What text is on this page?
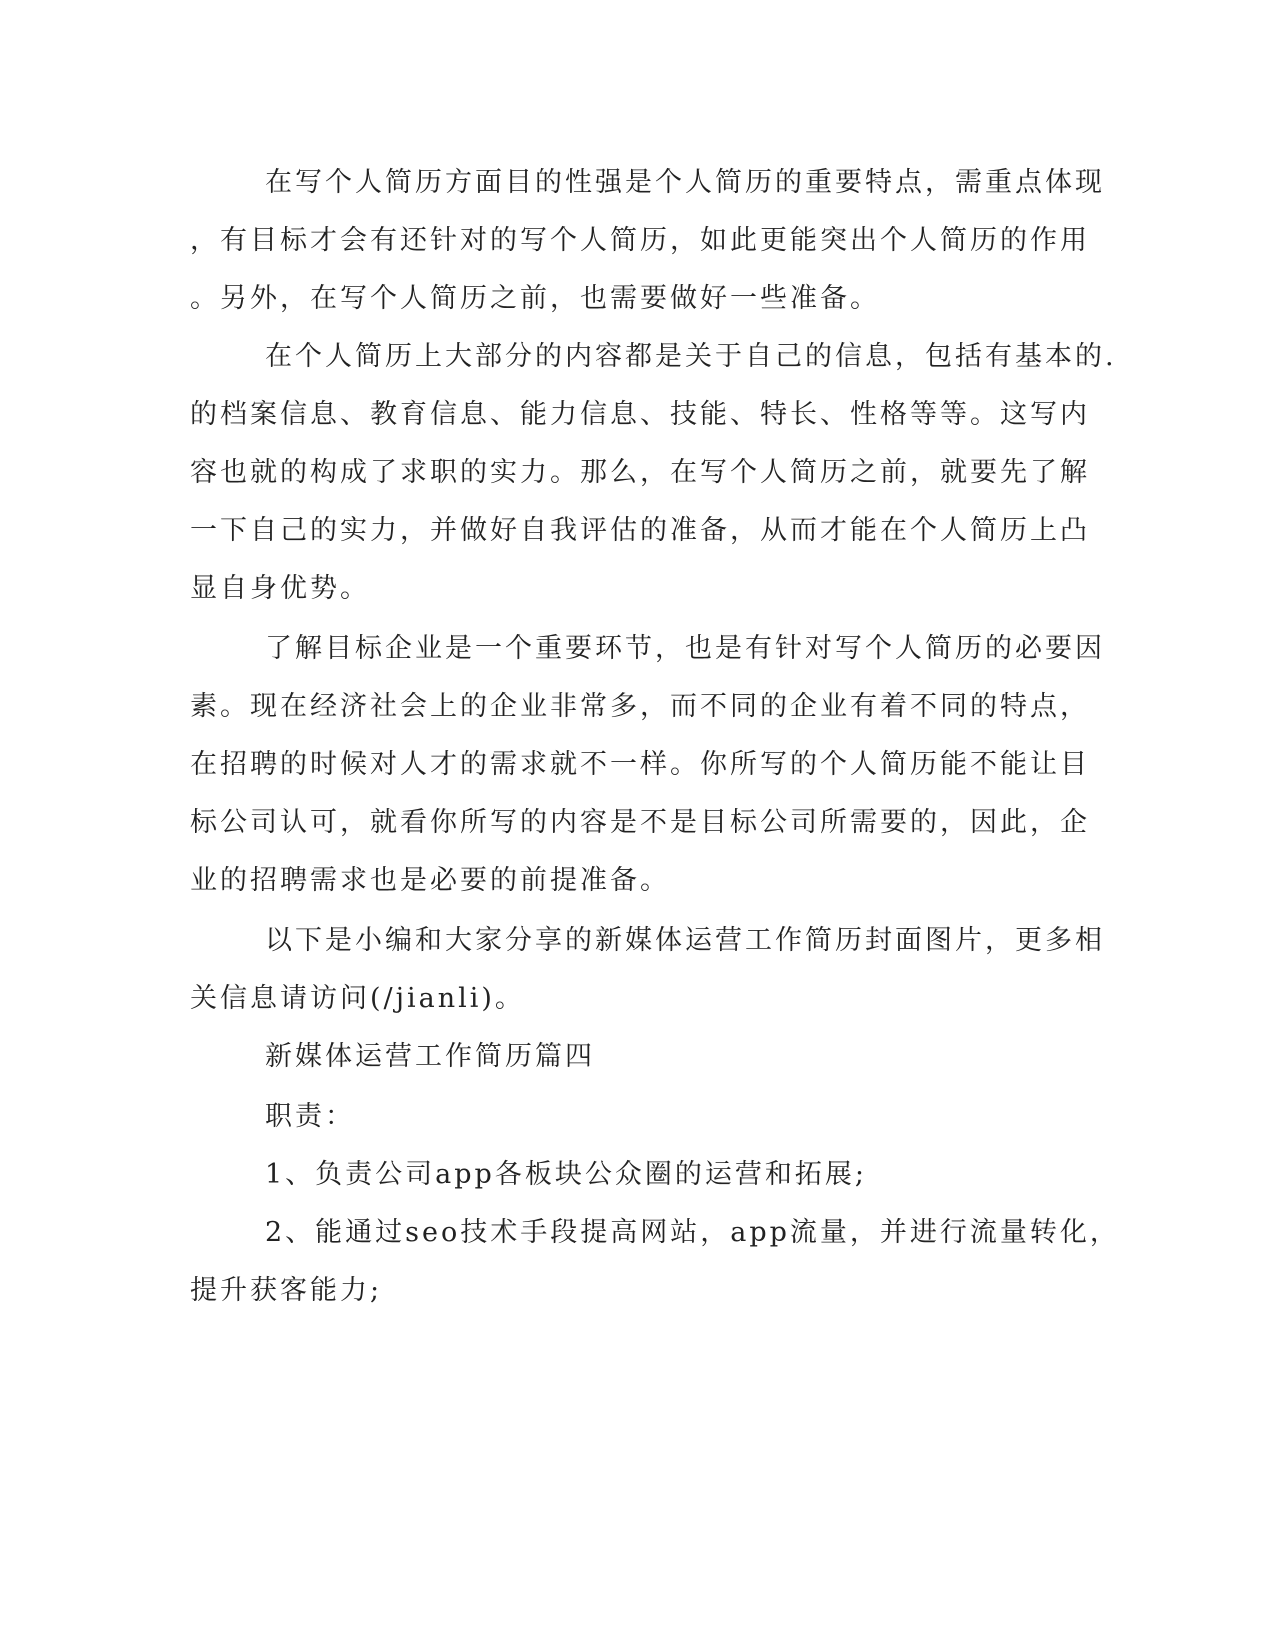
在写个人简历方面目的性强是个人简历的重要特点，需重点体现
，有目标才会有还针对的写个人简历，如此更能突出个人简历的作用
。另外，在写个人简历之前，也需要做好一些准备。
在个人简历上大部分的内容都是关于自己的信息，包括有基本的.
的档案信息、教育信息、能力信息、技能、特长、性格等等。这写内
容也就的构成了求职的实力。那么，在写个人简历之前，就要先了解
一下自己的实力，并做好自我评估的准备，从而才能在个人简历上凸
显自身优势。
了解目标企业是一个重要环节，也是有针对写个人简历的必要因
素。现在经济社会上的企业非常多，而不同的企业有着不同的特点，
在招聘的时候对人才的需求就不一样。你所写的个人简历能不能让目
标公司认可，就看你所写的内容是不是目标公司所需要的，因此，企
业的招聘需求也是必要的前提准备。
以下是小编和大家分享的新媒体运营工作简历封面图片，更多相
关信息请访问(/jianli)。
新媒体运营工作简历篇四
职责：
1、负责公司app各板块公众圈的运营和拓展;
2、能通过seo技术手段提高网站，app流量，并进行流量转化，
提升获客能力;
